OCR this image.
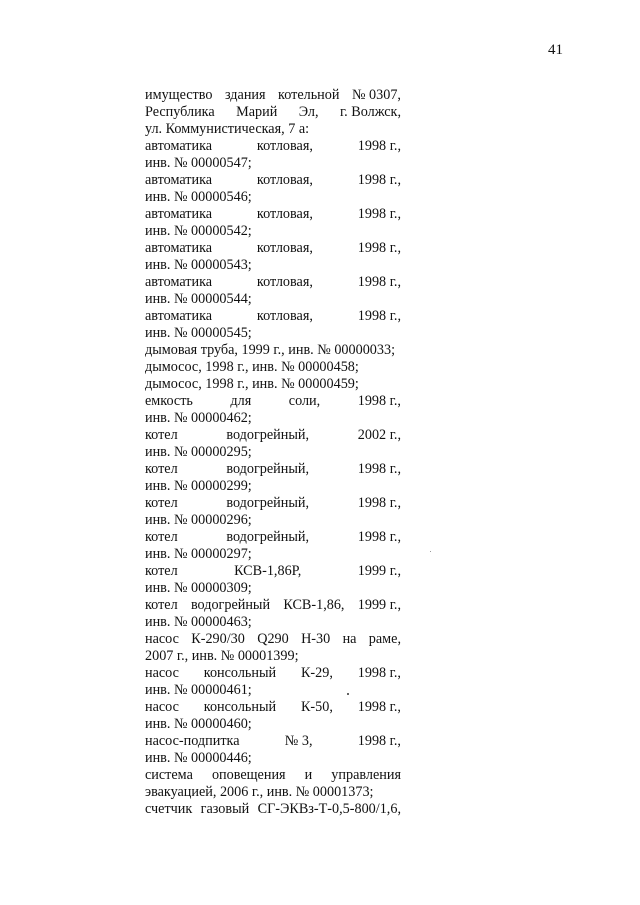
41
имущество здания котельной № 0307,
Республика Марий Эл, г. Волжск,
ул. Коммунистическая, 7 а:
автоматика	котловая,	1998 г.,
инв. № 00000547;
автоматика	котловая,	1998 г.,
инв. № 00000546;
автоматика	котловая,	1998 г.,
инв. № 00000542;
автоматика	котловая,	1998 г.,
инв. № 00000543;
автоматика	котловая,	1998 г.,
инв. № 00000544;
автоматика	котловая,	1998 г.,
инв. № 00000545;
дымовая труба, 1999 г., инв. № 00000033;
дымосос, 1998 г., инв. № 00000458;
дымосос, 1998 г., инв. № 00000459;
емкость	для	соли,	1998 г.,
инв. № 00000462;
котел	водогрейный,	2002 г.,
инв. № 00000295;
котел	водогрейный,	1998 г.,
инв. № 00000299;
котел	водогрейный,	1998 г.,
инв. № 00000296;
котел	водогрейный,	1998 г.,
инв. № 00000297;
котел	КСВ-1,86Р,	1999 г.,
инв. № 00000309;
котел водогрейный КСВ-1,86, 1999 г.,
инв. № 00000463;
насос К-290/30 Q290 Н-30 на раме,
2007 г., инв. № 00001399;
насос консольный К-29, 1998 г.,
инв. № 00000461;
насос консольный К-50, 1998 г.,
инв. № 00000460;
насос-подпитка	№ 3,	1998 г.,
инв. № 00000446;
система оповещения и управления
эвакуацией, 2006 г., инв. № 00001373;
счетчик газовый СГ-ЭКВз-Т-0,5-800/1,6,
